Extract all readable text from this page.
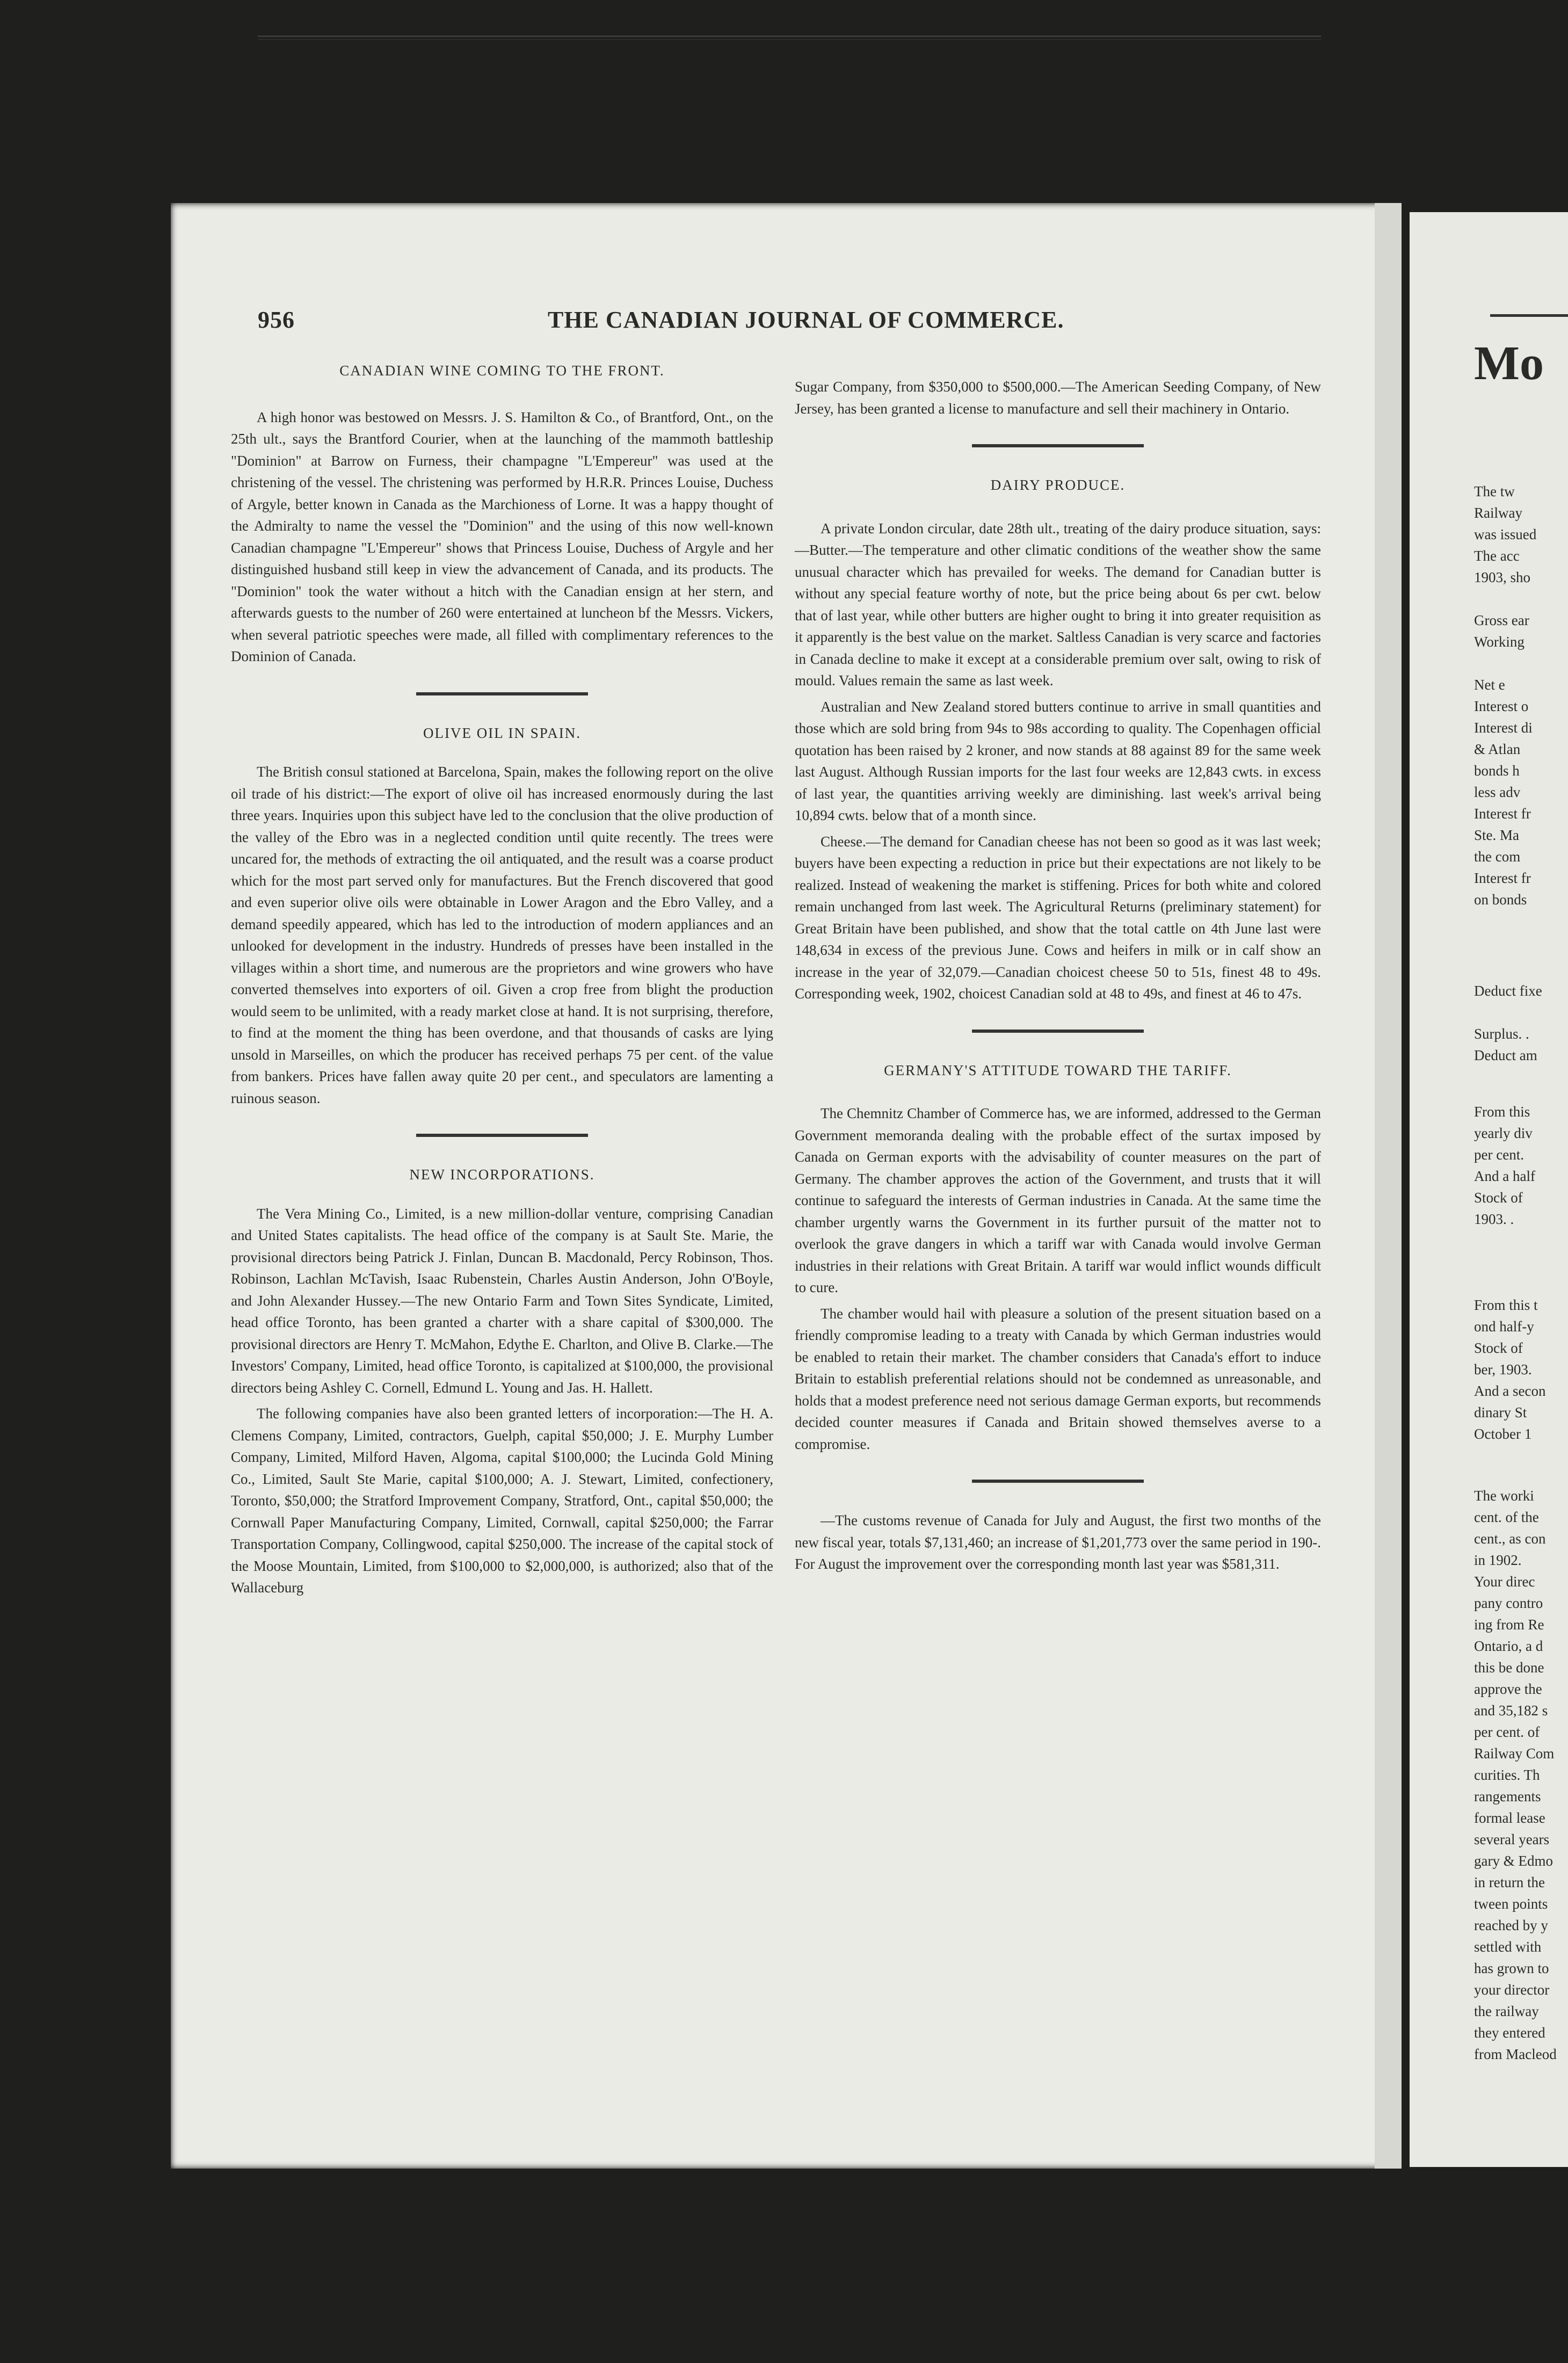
956	THE CANADIAN JOURNAL OF COMMERCE.
CANADIAN WINE COMING TO THE FRONT.

A high honor was bestowed on Messrs. J. S. Hamilton & Co., of Brantford, Ont., on the 25th ult., says the Brantford Courier, when at the launching of the mammoth battleship "Dominion" at Barrow on Furness, their champagne "L'Empereur" was used at the christening of the vessel. The christening was performed by H.R.R. Princes Louise, Duchess of Argyle, better known in Canada as the Marchioness of Lorne. It was a happy thought of the Admiralty to name the vessel the "Dominion" and the using of this now well-known Canadian champagne "L'Empereur" shows that Princess Louise, Duchess of Argyle and her distinguished husband still keep in view the advancement of Canada, and its products. The "Dominion" took the water without a hitch with the Canadian ensign at her stern, and afterwards guests to the number of 260 were entertained at luncheon bf the Messrs. Vickers, when several patriotic speeches were made, all filled with complimentary references to the Dominion of Canada.

OLIVE OIL IN SPAIN.

The British consul stationed at Barcelona, Spain, makes the following report on the olive oil trade of his district:—The export of olive oil has increased enormously during the last three years. Inquiries upon this subject have led to the conclusion that the olive production of the valley of the Ebro was in a neglected condition until quite recently. The trees were uncared for, the methods of extracting the oil antiquated, and the result was a coarse product which for the most part served only for manufactures. But the French discovered that good and even superior olive oils were obtainable in Lower Aragon and the Ebro Valley, and a demand speedily appeared, which has led to the introduction of modern appliances and an unlooked for development in the industry. Hundreds of presses have been installed in the villages within a short time, and numerous are the proprietors and wine growers who have converted themselves into exporters of oil. Given a crop free from blight the production would seem to be unlimited, with a ready market close at hand. It is not surprising, therefore, to find at the moment the thing has been overdone, and that thousands of casks are lying unsold in Marseilles, on which the producer has received perhaps 75 per cent. of the value from bankers. Prices have fallen away quite 20 per cent., and speculators are lamenting a ruinous season.

NEW INCORPORATIONS.

The Vera Mining Co., Limited, is a new million-dollar venture, comprising Canadian and United States capitalists. The head office of the company is at Sault Ste. Marie, the provisional directors being Patrick J. Finlan, Duncan B. Macdonald, Percy Robinson, Thos. Robinson, Lachlan McTavish, Isaac Rubenstein, Charles Austin Anderson, John O'Boyle, and John Alexander Hussey.—The new Ontario Farm and Town Sites Syndicate, Limited, head office Toronto, has been granted a charter with a share capital of $300,000. The provisional directors are Henry T. McMahon, Edythe E. Charlton, and Olive B. Clarke.—The Investors' Company, Limited, head office Toronto, is capitalized at $100,000, the provisional directors being Ashley C. Cornell, Edmund L. Young and Jas. H. Hallett.

The following companies have also been granted letters of incorporation:—The H. A. Clemens Company, Limited, contractors, Guelph, capital $50,000; J. E. Murphy Lumber Company, Limited, Milford Haven, Algoma, capital $100,000; the Lucinda Gold Mining Co., Limited, Sault Ste Marie, capital $100,000; A. J. Stewart, Limited, confectionery, Toronto, $50,000; the Stratford Improvement Company, Stratford, Ont., capital $50,000; the Cornwall Paper Manufacturing Company, Limited, Cornwall, capital $250,000; the Farrar Transportation Company, Collingwood, capital $250,000. The increase of the capital stock of the Moose Mountain, Limited, from $100,000 to $2,000,000, is authorized; also that of the Wallaceburg

Sugar Company, from $350,000 to $500,000.—The American Seeding Company, of New Jersey, has been granted a license to manufacture and sell their machinery in Ontario.

DAIRY PRODUCE.

A private London circular, date 28th ult., treating of the dairy produce situation, says:—Butter.—The temperature and other climatic conditions of the weather show the same unusual character which has prevailed for weeks. The demand for Canadian butter is without any special feature worthy of note, but the price being about 6s per cwt. below that of last year, while other butters are higher ought to bring it into greater requisition as it apparently is the best value on the market. Saltless Canadian is very scarce and factories in Canada decline to make it except at a considerable premium over salt, owing to risk of mould. Values remain the same as last week.

Australian and New Zealand stored butters continue to arrive in small quantities and those which are sold bring from 94s to 98s according to quality. The Copenhagen official quotation has been raised by 2 kroner, and now stands at 88 against 89 for the same week last August. Although Russian imports for the last four weeks are 12,843 cwts. in excess of last year, the quantities arriving weekly are diminishing. last week's arrival being 10,894 cwts. below that of a month since.

Cheese.—The demand for Canadian cheese has not been so good as it was last week; buyers have been expecting a reduction in price but their expectations are not likely to be realized. Instead of weakening the market is stiffening. Prices for both white and colored remain unchanged from last week. The Agricultural Returns (preliminary statement) for Great Britain have been published, and show that the total cattle on 4th June last were 148,634 in excess of the previous June. Cows and heifers in milk or in calf show an increase in the year of 32,079.—Canadian choicest cheese 50 to 51s, finest 48 to 49s. Corresponding week, 1902, choicest Canadian sold at 48 to 49s, and finest at 46 to 47s.

GERMANY'S ATTITUDE TOWARD THE TARIFF.

The Chemnitz Chamber of Commerce has, we are informed, addressed to the German Government memoranda dealing with the probable effect of the surtax imposed by Canada on German exports with the advisability of counter measures on the part of Germany. The chamber approves the action of the Government, and trusts that it will continue to safeguard the interests of German industries in Canada. At the same time the chamber urgently warns the Government in its further pursuit of the matter not to overlook the grave dangers in which a tariff war with Canada would involve German industries in their relations with Great Britain. A tariff war would inflict wounds difficult to cure.

The chamber would hail with pleasure a solution of the present situation based on a friendly compromise leading to a treaty with Canada by which German industries would be enabled to retain their market. The chamber considers that Canada's effort to induce Britain to establish preferential relations should not be condemned as unreasonable, and holds that a modest preference need not serious damage German exports, but recommends decided counter measures if Canada and Britain showed themselves averse to a compromise.

—The customs revenue of Canada for July and August, the first two months of the new fiscal year, totals $7,131,460; an increase of $1,201,773 over the same period in 190-. For August the improvement over the corresponding month last year was $581,311.

Mo
The tw
Railway
was issued
The acc
1903, sho
Gross ear
Working
Net e
Interest o
Interest di
& Atlan
bonds h
less adv
Interest fr
Ste. Ma
the com
Interest fr
on bonds
Deduct fixe
Surplus. .
Deduct am
From this
yearly div
per cent.
And a half
Stock of
1903. .
From this t
ond half-y
Stock of
ber, 1903.
And a secon
dinary St
October 1
The worki
cent. of the
cent., as con
in 1902.
Your direc
pany contro
ing from Re
Ontario, a d
this be done
approve the
and 35,182 s
per cent. of
Railway Com
curities. Th
rangements
formal lease
several years
gary & Edmo
in return the
tween points
reached by y
settled with
has grown to
your director
the railway
they entered
from Macleod
